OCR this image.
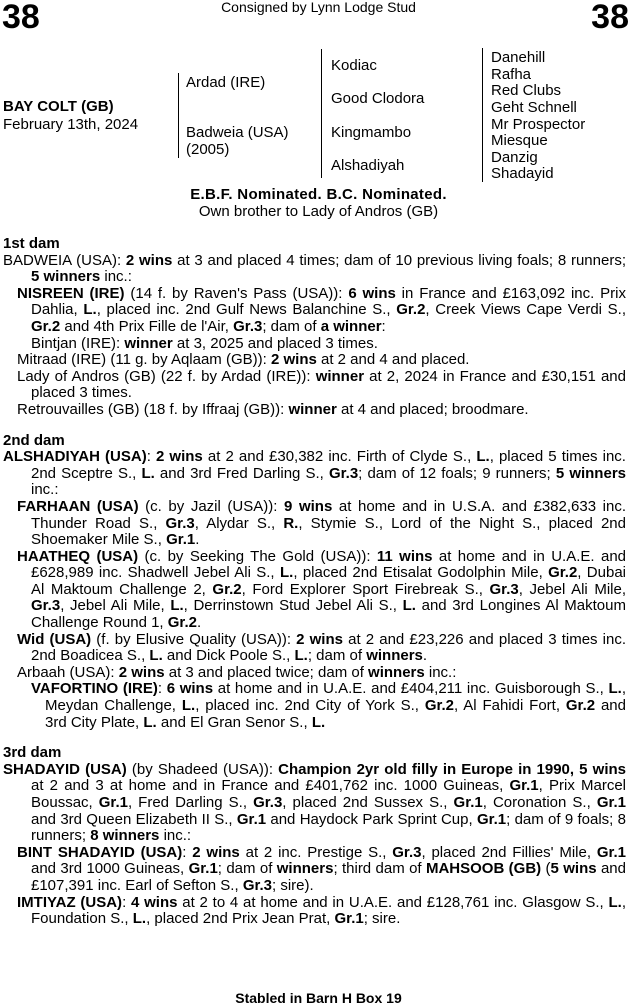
38	Consigned by Lynn Lodge Stud	38
BAY COLT (GB)
February 13th, 2024
Ardad (IRE)
Badweia (USA)
(2005)
Kodiac
Good Clodora
Kingmambo
Alshadiyah
Danehill
Rafha
Red Clubs
Geht Schnell
Mr Prospector
Miesque
Danzig
Shadayid
E.B.F. Nominated. B.C. Nominated.
Own brother to Lady of Andros (GB)
1st dam
BADWEIA (USA): 2 wins at 3 and placed 4 times; dam of 10 previous living foals; 8 runners; 5 winners inc.:
NISREEN (IRE) (14 f. by Raven's Pass (USA)): 6 wins in France and £163,092 inc. Prix Dahlia, L., placed inc. 2nd Gulf News Balanchine S., Gr.2, Creek Views Cape Verdi S., Gr.2 and 4th Prix Fille de l'Air, Gr.3; dam of a winner:
Bintjan (IRE): winner at 3, 2025 and placed 3 times.
Mitraad (IRE) (11 g. by Aqlaam (GB)): 2 wins at 2 and 4 and placed.
Lady of Andros (GB) (22 f. by Ardad (IRE)): winner at 2, 2024 in France and £30,151 and placed 3 times.
Retrouvailles (GB) (18 f. by Iffraaj (GB)): winner at 4 and placed; broodmare.
2nd dam
ALSHADIYAH (USA): 2 wins at 2 and £30,382 inc. Firth of Clyde S., L., placed 5 times inc. 2nd Sceptre S., L. and 3rd Fred Darling S., Gr.3; dam of 12 foals; 9 runners; 5 winners inc.:
FARHAAN (USA) (c. by Jazil (USA)): 9 wins at home and in U.S.A. and £382,633 inc. Thunder Road S., Gr.3, Alydar S., R., Stymie S., Lord of the Night S., placed 2nd Shoemaker Mile S., Gr.1.
HAATHEQ (USA) (c. by Seeking The Gold (USA)): 11 wins at home and in U.A.E. and £628,989 inc. Shadwell Jebel Ali S., L., placed 2nd Etisalat Godolphin Mile, Gr.2, Dubai Al Maktoum Challenge 2, Gr.2, Ford Explorer Sport Firebreak S., Gr.3, Jebel Ali Mile, Gr.3, Jebel Ali Mile, L., Derrinstown Stud Jebel Ali S., L. and 3rd Longines Al Maktoum Challenge Round 1, Gr.2.
Wid (USA) (f. by Elusive Quality (USA)): 2 wins at 2 and £23,226 and placed 3 times inc. 2nd Boadicea S., L. and Dick Poole S., L.; dam of winners.
Arbaah (USA): 2 wins at 3 and placed twice; dam of winners inc.:
VAFORTINO (IRE): 6 wins at home and in U.A.E. and £404,211 inc. Guisborough S., L., Meydan Challenge, L., placed inc. 2nd City of York S., Gr.2, Al Fahidi Fort, Gr.2 and 3rd City Plate, L. and El Gran Senor S., L.
3rd dam
SHADAYID (USA) (by Shadeed (USA)): Champion 2yr old filly in Europe in 1990, 5 wins at 2 and 3 at home and in France and £401,762 inc. 1000 Guineas, Gr.1, Prix Marcel Boussac, Gr.1, Fred Darling S., Gr.3, placed 2nd Sussex S., Gr.1, Coronation S., Gr.1 and 3rd Queen Elizabeth II S., Gr.1 and Haydock Park Sprint Cup, Gr.1; dam of 9 foals; 8 runners; 8 winners inc.:
BINT SHADAYID (USA): 2 wins at 2 inc. Prestige S., Gr.3, placed 2nd Fillies' Mile, Gr.1 and 3rd 1000 Guineas, Gr.1; dam of winners; third dam of MAHSOOB (GB) (5 wins and £107,391 inc. Earl of Sefton S., Gr.3; sire).
IMTIYAZ (USA): 4 wins at 2 to 4 at home and in U.A.E. and £128,761 inc. Glasgow S., L., Foundation S., L., placed 2nd Prix Jean Prat, Gr.1; sire.
Stabled in Barn H Box 19
